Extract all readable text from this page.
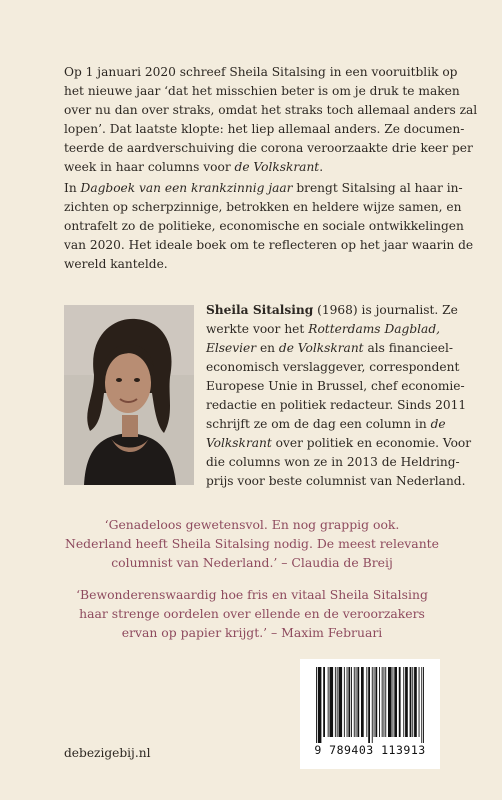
Op 1 januari 2020 schreef Sheila Sitalsing in een vooruitblik op
het nieuwe jaar ‘dat het misschien beter is om je druk te maken
over nu dan over straks, omdat het straks toch allemaal anders zal
lopen’. Dat laatste klopte: het liep allemaal anders. Ze documen-
teerde de aardverschuiving die corona veroorzaakte drie keer per
week in haar columns voor de Volkskrant.

In Dagboek van een krankzinnig jaar brengt Sitalsing al haar in-
zichten op scherpzinnige, betrokken en heldere wijze samen, en
ontrafelt zo de politieke, economische en sociale ontwikkelingen
van 2020. Het ideale boek om te reflecteren op het jaar waarin de
wereld kantelde.

Sheila Sitalsing (1968) is journalist. Ze
werkte voor het Rotterdams Dagblad,
Elsevier en de Volkskrant als financieel-
economisch verslaggever, correspondent
Europese Unie in Brussel, chef economie-
redactie en politiek redacteur. Sinds 2011
schrijft ze om de dag een column in de
Volkskrant over politiek en economie. Voor
die columns won ze in 2013 de Heldring-
prijs voor beste columnist van Nederland.

‘Genadeloos gewetensvol. En nog grappig ook.
Nederland heeft Sheila Sitalsing nodig. De meest relevante
columnist van Nederland.’ – Claudia de Breij

‘Bewonderenswaardig hoe fris en vitaal Sheila Sitalsing
haar strenge oordelen over ellende en de veroorzakers
ervan op papier krijgt.’ – Maxim Februari

9 789403 113913
debezigebij.nl
